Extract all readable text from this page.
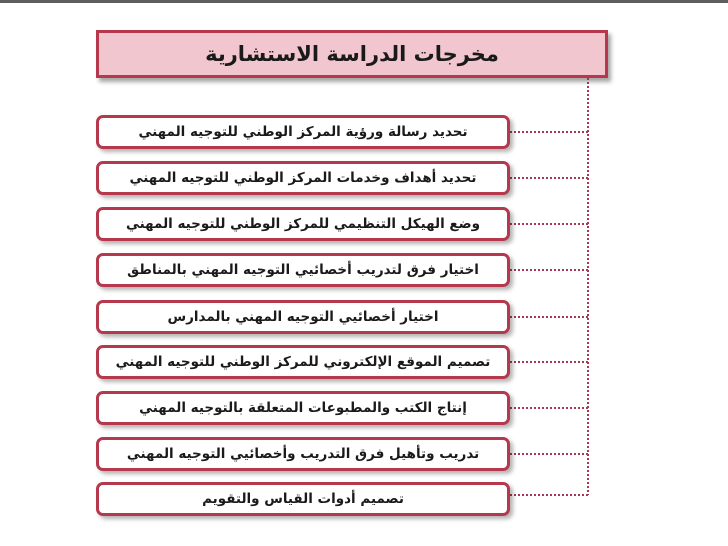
مخرجات الدراسة الاستشارية
تحديد رسالة ورؤية المركز الوطني للتوجيه المهني
تحديد أهداف وخدمات المركز الوطني للتوجيه المهني
وضع الهيكل التنظيمي للمركز الوطني للتوجيه المهني
اختيار فرق لتدريب أخصائيي التوجيه المهني بالمناطق
اختيار أخصائيي التوجيه المهني بالمدارس
تصميم الموقع الإلكتروني للمركز الوطني للتوجيه المهني
إنتاج الكتب والمطبوعات المتعلقة بالتوجيه المهني
تدريب وتأهيل فرق التدريب وأخصائيي التوجيه المهني
تصميم أدوات القياس والتقويم
